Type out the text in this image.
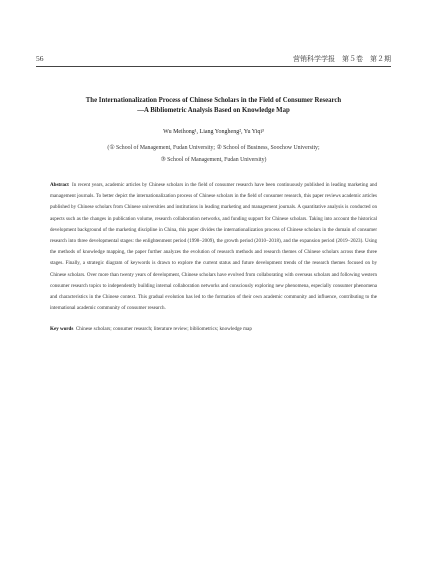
56	营销科学学报　第５卷　第２期
The Internationalization Process of Chinese Scholars in the Field of Consumer Research
—A Bibliometric Analysis Based on Knowledge Map
Wu Meihong¹, Liang Yongheng², Yu Yiqi³
(① School of Management, Fudan University; ② School of Business, Soochow University;
③ School of Management, Fudan University)
Abstract In recent years, academic articles by Chinese scholars in the field of consumer research have been continuously published in leading marketing and management journals. To better depict the internationalization process of Chinese scholars in the field of consumer research, this paper reviews academic articles published by Chinese scholars from Chinese universities and institutions in leading marketing and management journals. A quantitative analysis is conducted on aspects such as the changes in publication volume, research collaboration networks, and funding support for Chinese scholars. Taking into account the historical development background of the marketing discipline in China, this paper divides the internationalization process of Chinese scholars in the domain of consumer research into three developmental stages: the enlightenment period (1998−2009), the growth period (2010−2018), and the expansion period (2019−2023). Using the methods of knowledge mapping, the paper further analyzes the evolution of research methods and research themes of Chinese scholars across these three stages. Finally, a strategic diagram of keywords is drawn to explore the current status and future development trends of the research themes focused on by Chinese scholars. Over more than twenty years of development, Chinese scholars have evolved from collaborating with overseas scholars and following western consumer research topics to independently building internal collaboration networks and consciously exploring new phenomena, especially consumer phenomena and characteristics in the Chinese context. This gradual evolution has led to the formation of their own academic community and influence, contributing to the international academic community of consumer research.
Key words Chinese scholars; consumer research; literature review; bibliometrics; knowledge map
